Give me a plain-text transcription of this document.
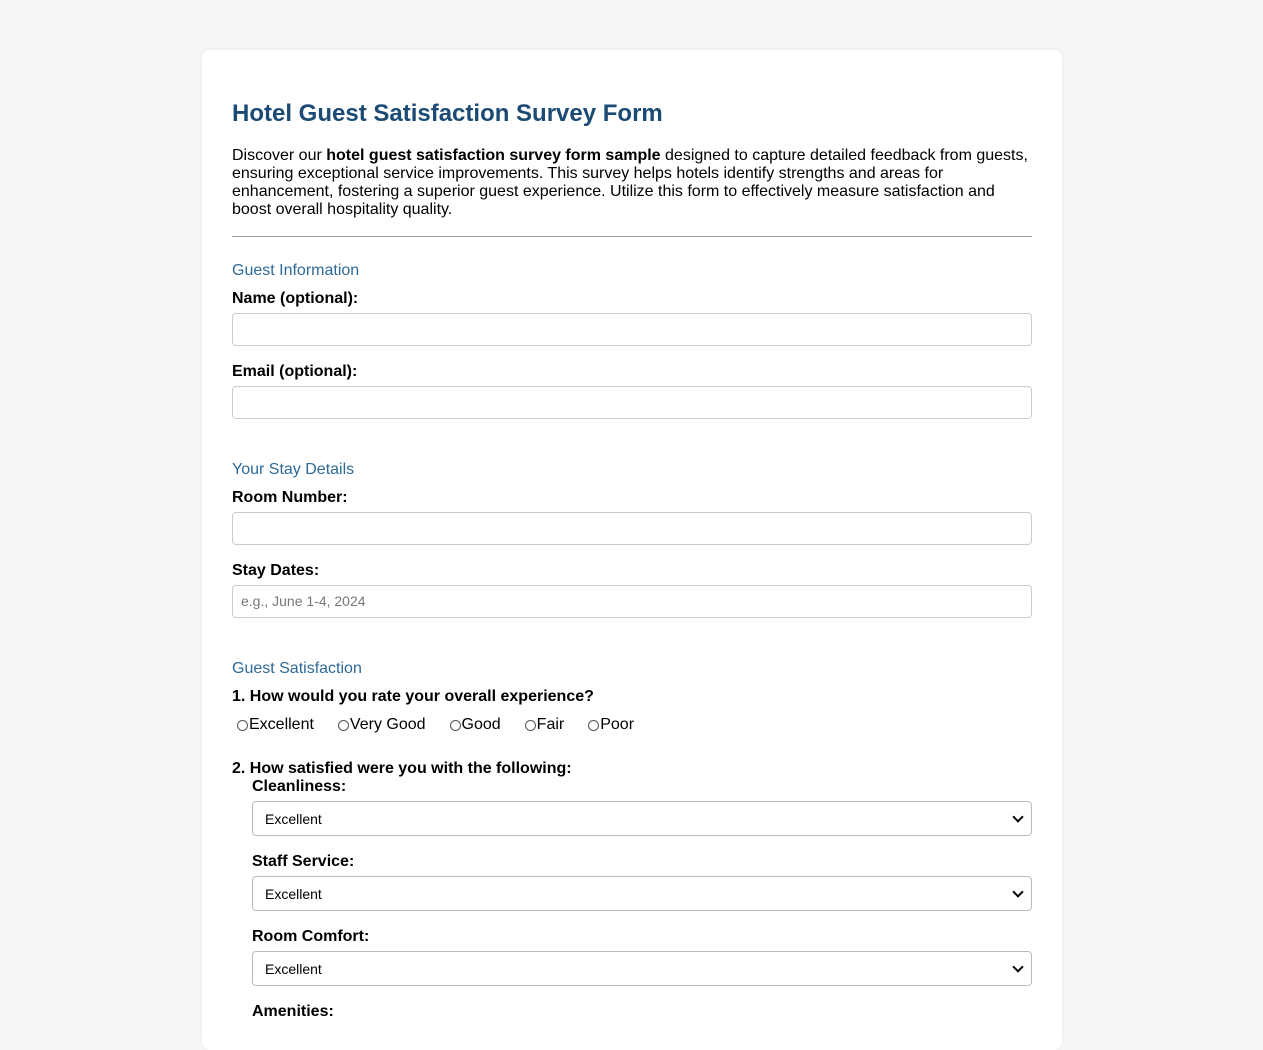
Hotel Guest Satisfaction Survey Form

Discover our hotel guest satisfaction survey form sample designed to capture detailed feedback from guests, ensuring exceptional service improvements. This survey helps hotels identify strengths and areas for enhancement, fostering a superior guest experience. Utilize this form to effectively measure satisfaction and boost overall hospitality quality.

Guest Information
Name (optional):
Email (optional):
Your Stay Details
Room Number:
Stay Dates:
e.g., June 1-4, 2024
Guest Satisfaction
1. How would you rate your overall experience?
Excellent Very Good Good Fair Poor
2. How satisfied were you with the following:
Cleanliness:
Excellent
Staff Service:
Excellent
Room Comfort:
Excellent
Amenities:
